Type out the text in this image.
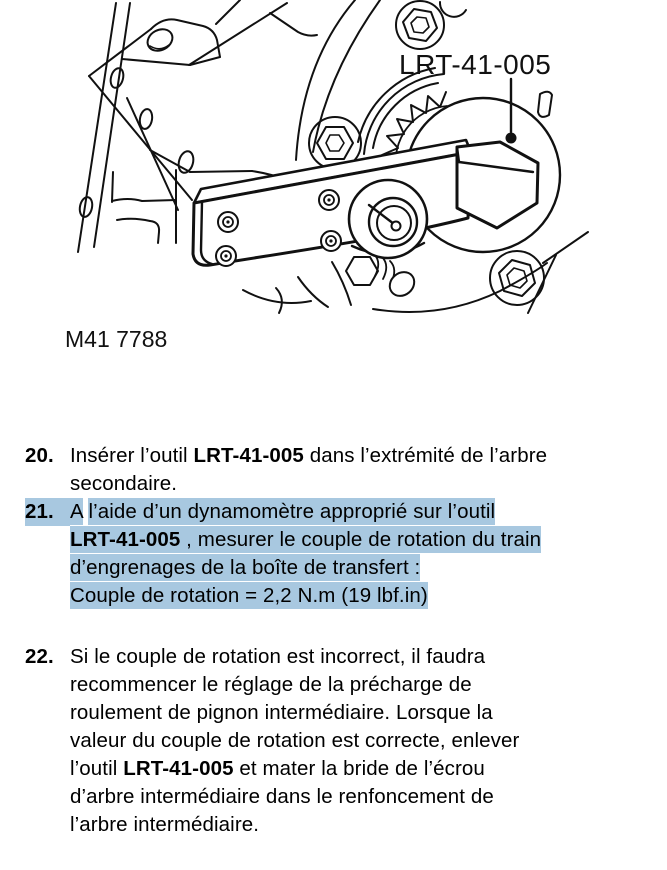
LRT-41-005
M41 7788
20. Insérer l’outil LRT-41-005 dans l’extrémité de l’arbre
secondaire.
21. A l’aide d’un dynamomètre approprié sur l’outil
LRT-41-005 , mesurer le couple de rotation du train
d’engrenages de la boîte de transfert :
Couple de rotation = 2,2 N.m (19 lbf.in)
22. Si le couple de rotation est incorrect, il faudra
recommencer le réglage de la précharge de
roulement de pignon intermédiaire. Lorsque la
valeur du couple de rotation est correcte, enlever
l’outil LRT-41-005 et mater la bride de l’écrou
d’arbre intermédiaire dans le renfoncement de
l’arbre intermédiaire.
